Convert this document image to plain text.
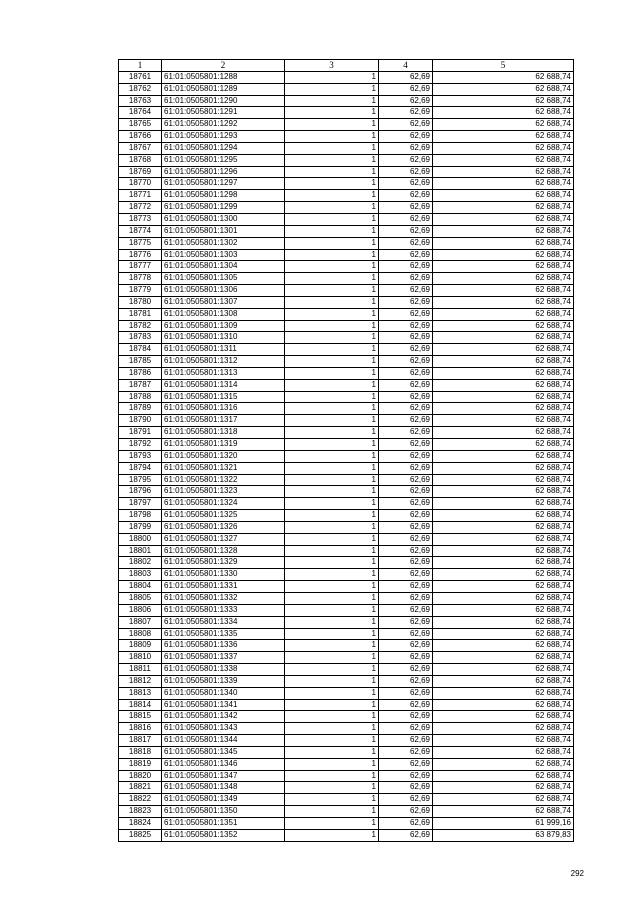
1	2	3	4	5
18761	61:01:0505801:1288	1	62,69	62 688,74
18762	61:01:0505801:1289	1	62,69	62 688,74
18763	61:01:0505801:1290	1	62,69	62 688,74
18764	61:01:0505801:1291	1	62,69	62 688,74
18765	61:01:0505801:1292	1	62,69	62 688,74
18766	61:01:0505801:1293	1	62,69	62 688,74
18767	61:01:0505801:1294	1	62,69	62 688,74
18768	61:01:0505801:1295	1	62,69	62 688,74
18769	61:01:0505801:1296	1	62,69	62 688,74
18770	61:01:0505801:1297	1	62,69	62 688,74
18771	61:01:0505801:1298	1	62,69	62 688,74
18772	61:01:0505801:1299	1	62,69	62 688,74
18773	61:01:0505801:1300	1	62,69	62 688,74
18774	61:01:0505801:1301	1	62,69	62 688,74
18775	61:01:0505801:1302	1	62,69	62 688,74
18776	61:01:0505801:1303	1	62,69	62 688,74
18777	61:01:0505801:1304	1	62,69	62 688,74
18778	61:01:0505801:1305	1	62,69	62 688,74
18779	61:01:0505801:1306	1	62,69	62 688,74
18780	61:01:0505801:1307	1	62,69	62 688,74
18781	61:01:0505801:1308	1	62,69	62 688,74
18782	61:01:0505801:1309	1	62,69	62 688,74
18783	61:01:0505801:1310	1	62,69	62 688,74
18784	61:01:0505801:1311	1	62,69	62 688,74
18785	61:01:0505801:1312	1	62,69	62 688,74
18786	61:01:0505801:1313	1	62,69	62 688,74
18787	61:01:0505801:1314	1	62,69	62 688,74
18788	61:01:0505801:1315	1	62,69	62 688,74
18789	61:01:0505801:1316	1	62,69	62 688,74
18790	61:01:0505801:1317	1	62,69	62 688,74
18791	61:01:0505801:1318	1	62,69	62 688,74
18792	61:01:0505801:1319	1	62,69	62 688,74
18793	61:01:0505801:1320	1	62,69	62 688,74
18794	61:01:0505801:1321	1	62,69	62 688,74
18795	61:01:0505801:1322	1	62,69	62 688,74
18796	61:01:0505801:1323	1	62,69	62 688,74
18797	61:01:0505801:1324	1	62,69	62 688,74
18798	61:01:0505801:1325	1	62,69	62 688,74
18799	61:01:0505801:1326	1	62,69	62 688,74
18800	61:01:0505801:1327	1	62,69	62 688,74
18801	61:01:0505801:1328	1	62,69	62 688,74
18802	61:01:0505801:1329	1	62,69	62 688,74
18803	61:01:0505801:1330	1	62,69	62 688,74
18804	61:01:0505801:1331	1	62,69	62 688,74
18805	61:01:0505801:1332	1	62,69	62 688,74
18806	61:01:0505801:1333	1	62,69	62 688,74
18807	61:01:0505801:1334	1	62,69	62 688,74
18808	61:01:0505801:1335	1	62,69	62 688,74
18809	61:01:0505801:1336	1	62,69	62 688,74
18810	61:01:0505801:1337	1	62,69	62 688,74
18811	61:01:0505801:1338	1	62,69	62 688,74
18812	61:01:0505801:1339	1	62,69	62 688,74
18813	61:01:0505801:1340	1	62,69	62 688,74
18814	61:01:0505801:1341	1	62,69	62 688,74
18815	61:01:0505801:1342	1	62,69	62 688,74
18816	61:01:0505801:1343	1	62,69	62 688,74
18817	61:01:0505801:1344	1	62,69	62 688,74
18818	61:01:0505801:1345	1	62,69	62 688,74
18819	61:01:0505801:1346	1	62,69	62 688,74
18820	61:01:0505801:1347	1	62,69	62 688,74
18821	61:01:0505801:1348	1	62,69	62 688,74
18822	61:01:0505801:1349	1	62,69	62 688,74
18823	61:01:0505801:1350	1	62,69	62 688,74
18824	61:01:0505801:1351	1	62,69	61 999,16
18825	61:01:0505801:1352	1	62,69	63 879,83
292
